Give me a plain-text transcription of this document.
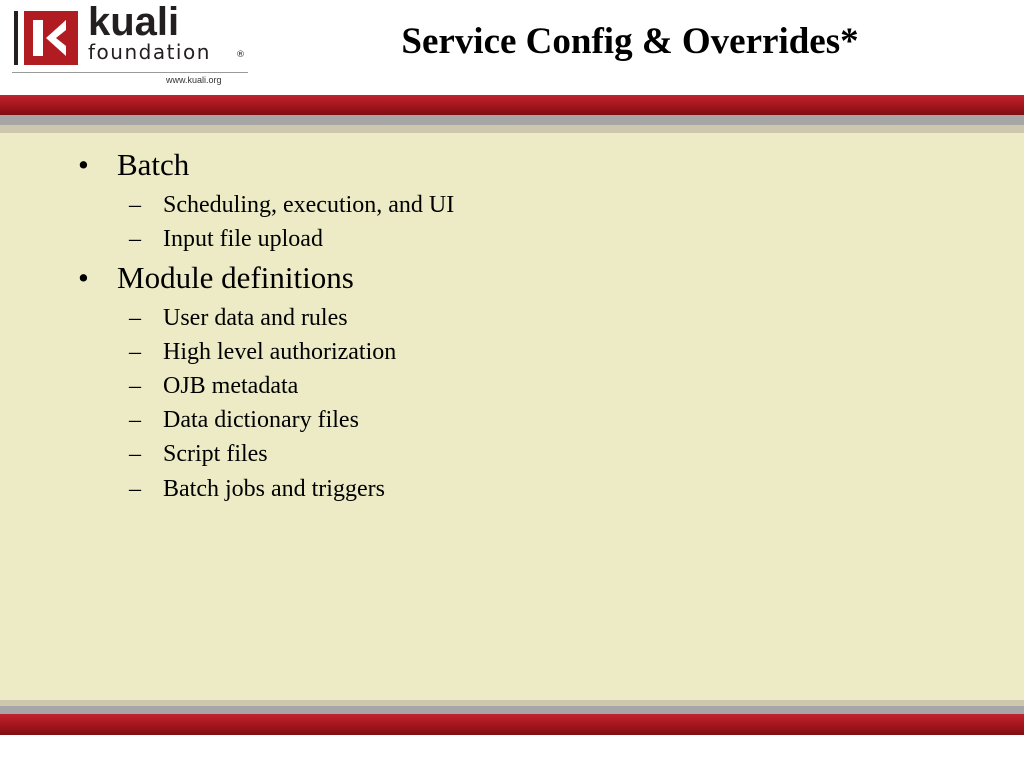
kuali
foundation	®
www.kuali.org
Service Config & Overrides*
• Batch
– Scheduling, execution, and UI
– Input file upload
• Module definitions
– User data and rules
– High level authorization
– OJB metadata
– Data dictionary files
– Script files
– Batch jobs and triggers
